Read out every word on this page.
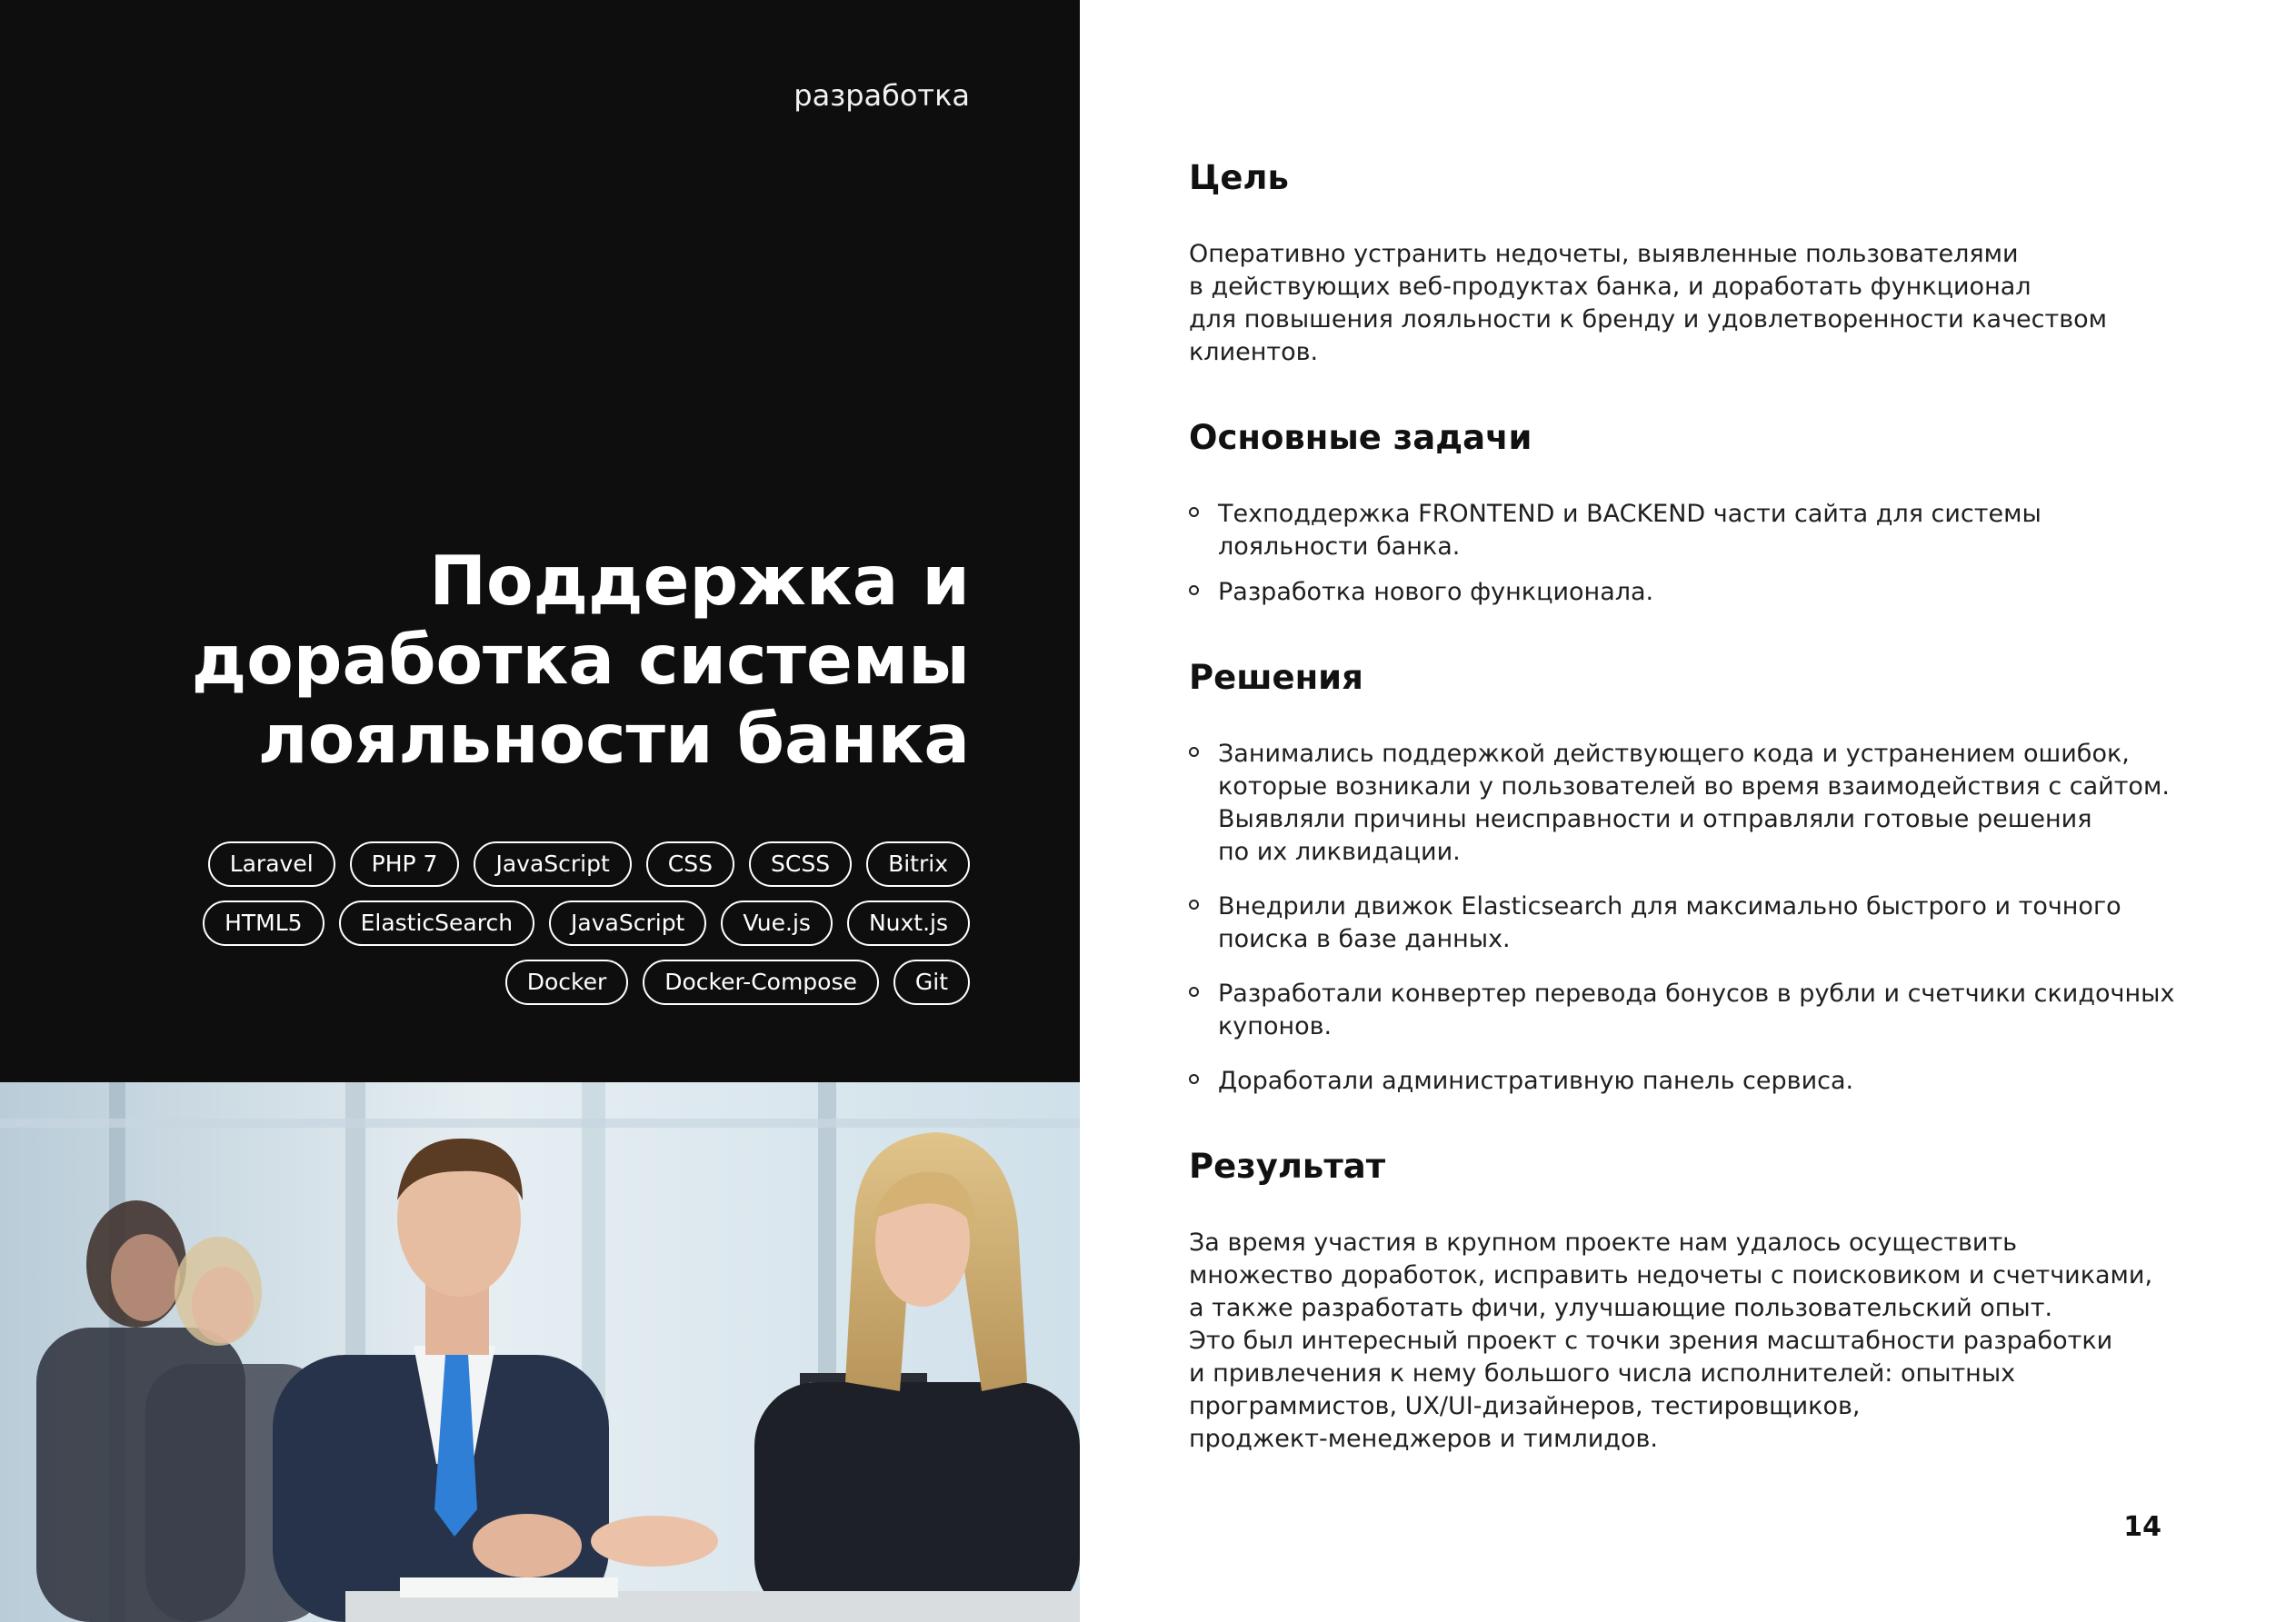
разработка
Поддержка и
доработка системы
лояльности банка
Laravel	PHP 7	JavaScript	CSS	SCSS	Bitrix
HTML5	ElasticSearch	JavaScript	Vue.js	Nuxt.js
Docker	Docker-Compose	Git
Цель

Оперативно устранить недочеты, выявленные пользователями
в действующих веб-продуктах банка, и доработать функционал
для повышения лояльности к бренду и удовлетворенности качеством
клиентов.

Основные задачи
Техподдержка FRONTEND и BACKEND части сайта для системы
лояльности банка.
Разработка нового функционала.
Решения
Занимались поддержкой действующего кода и устранением ошибок,
которые возникали у пользователей во время взаимодействия с сайтом.
Выявляли причины неисправности и отправляли готовые решения
по их ликвидации.
Внедрили движок Elasticsearch для максимально быстрого и точного
поиска в базе данных.
Разработали конвертер перевода бонусов в рубли и счетчики скидочных
купонов.
Доработали административную панель сервиса.
Результат

За время участия в крупном проекте нам удалось осуществить
множество доработок, исправить недочеты с поисковиком и счетчиками,
а также разработать фичи, улучшающие пользовательский опыт.
Это был интересный проект с точки зрения масштабности разработки
и привлечения к нему большого числа исполнителей: опытных
программистов, UX/UI-дизайнеров, тестировщиков,
проджект-менеджеров и тимлидов.

14
